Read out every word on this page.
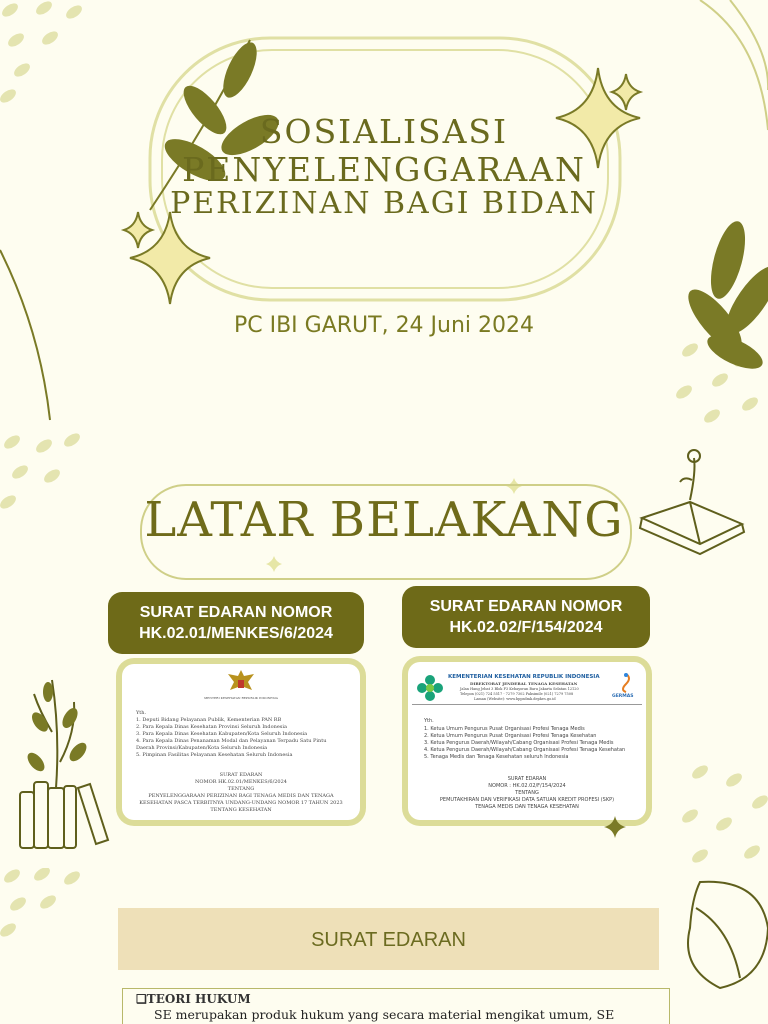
SOSIALISASI
PENYELENGGARAAN
PERIZINAN BAGI BIDAN
PC IBI GARUT, 24 Juni 2024
LATAR BELAKANG
SURAT EDARAN NOMOR
HK.02.01/MENKES/6/2024
MENTERI KESEHATAN REPUBLIK INDONESIA
Yth.
1. Deputi Bidang Pelayanan Publik, Kementerian PAN RB
2. Para Kepala Dinas Kesehatan Provinsi Seluruh Indonesia
3. Para Kepala Dinas Kesehatan Kabupaten/Kota Seluruh Indonesia
4. Para Kepala Dinas Penanaman Modal dan Pelayanan Terpadu Satu Pintu
Daerah Provinsi/Kabupaten/Kota Seluruh Indonesia
5. Pimpinan Fasilitas Pelayanan Kesehatan Seluruh Indonesia
SURAT EDARAN
NOMOR HK.02.01/MENKES/6/2024
TENTANG
PENYELENGGARAAN PERIZINAN BAGI TENAGA MEDIS DAN TENAGA
KESEHATAN PASCA TERBITNYA UNDANG-UNDANG NOMOR 17 TAHUN 2023
TENTANG KESEHATAN
SURAT EDARAN NOMOR
HK.02.02/F/154/2024
KEMENTERIAN KESEHATAN REPUBLIK INDONESIA
DIREKTORAT JENDERAL TENAGA KESEHATAN
Jalan Hang Jebat 3 Blok F3 Kebayoran Baru Jakarta Selatan 12120
Telepon (021) 724 5517 - 7279 7302 Faksimile (021) 7279 7508
Laman (Website): www.bppsdmk.depkes.go.id	GERMAS
Yth.
1. Ketua Umum Pengurus Pusat Organisasi Profesi Tenaga Medis
2. Ketua Umum Pengurus Pusat Organisasi Profesi Tenaga Kesehatan
3. Ketua Pengurus Daerah/Wilayah/Cabang Organisasi Profesi Tenaga Medis
4. Ketua Pengurus Daerah/Wilayah/Cabang Organisasi Profesi Tenaga Kesehatan
5. Tenaga Medis dan Tenaga Kesehatan seluruh Indonesia
SURAT EDARAN
NOMOR : HK.02.02/F/154/2024
TENTANG
PEMUTAKHIRAN DAN VERIFIKASI DATA SATUAN KREDIT PROFESI (SKP)
TENAGA MEDIS DAN TENAGA KESEHATAN
SURAT EDARAN
❑TEORI HUKUM
SE merupakan produk hukum yang secara material mengikat umum, SE
